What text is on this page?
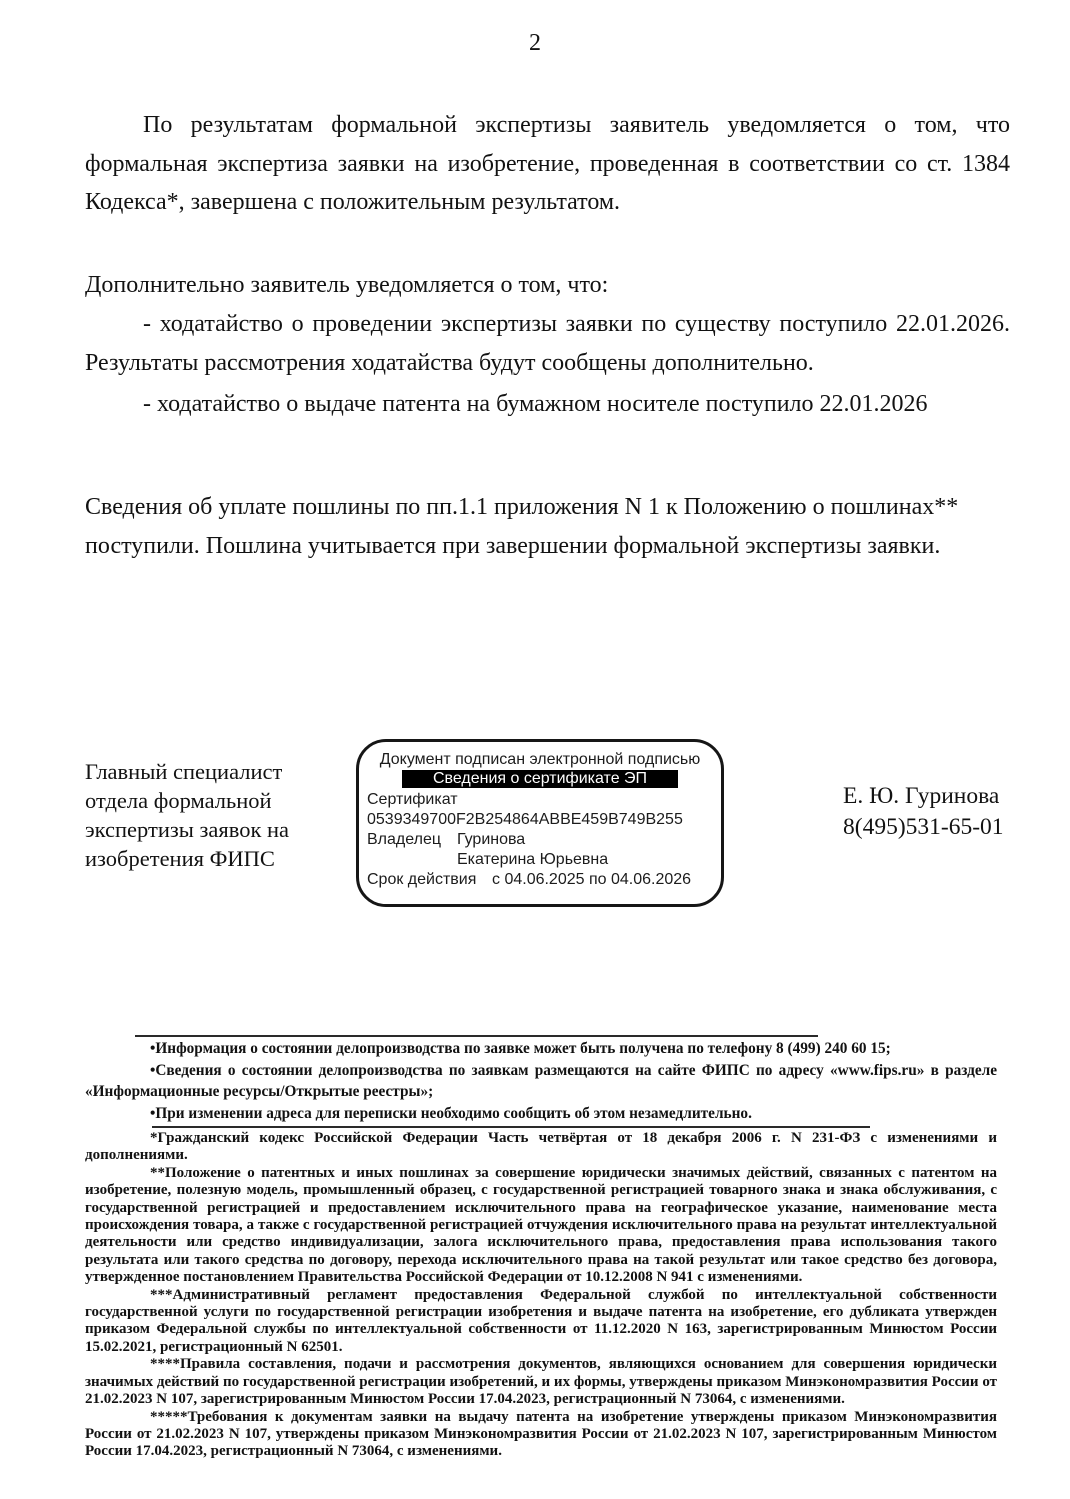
2

По результатам формальной экспертизы заявитель уведомляется о том, что формальная экспертиза заявки на изобретение, проведенная в соответствии со ст. 1384 Кодекса*, завершена с положительным результатом.

Дополнительно заявитель уведомляется о том, что:

- ходатайство о проведении экспертизы заявки по существу поступило 22.01.2026. Результаты рассмотрения ходатайства будут сообщены дополнительно.

- ходатайство о выдаче патента на бумажном носителе поступило 22.01.2026

Сведения об уплате пошлины по пп.1.1 приложения N 1 к Положению о пошлинах**
поступили. Пошлина учитывается при завершении формальной экспертизы заявки.

Главный специалист
отдела формальной
экспертизы заявок на
изобретения ФИПС
Документ подписан электронной подписью
Сведения о сертификате ЭП
Сертификат
0539349700F2B254864ABBE459B749B255
Владелец Гуринова
Екатерина Юрьевна
Срок действия с 04.06.2025 по 04.06.2026
Е. Ю. Гуринова
8(495)531-65-01

•Информация о состоянии делопроизводства по заявке может быть получена по телефону 8 (499) 240 60 15;

•Сведения о состоянии делопроизводства по заявкам размещаются на сайте ФИПС по адресу «www.fips.ru» в разделе «Информационные ресурсы/Открытые реестры»;

•При изменении адреса для переписки необходимо сообщить об этом незамедлительно.

*Гражданский кодекс Российской Федерации Часть четвёртая от 18 декабря 2006 г. N 231-ФЗ с изменениями и дополнениями.

**Положение о патентных и иных пошлинах за совершение юридически значимых действий, связанных с патентом на изобретение, полезную модель, промышленный образец, с государственной регистрацией товарного знака и знака обслуживания, с государственной регистрацией и предоставлением исключительного права на географическое указание, наименование места происхождения товара, а также с государственной регистрацией отчуждения исключительного права на результат интеллектуальной деятельности или средство индивидуализации, залога исключительного права, предоставления права использования такого результата или такого средства по договору, перехода исключительного права на такой результат или такое средство без договора, утвержденное постановлением Правительства Российской Федерации от 10.12.2008 N 941 с изменениями.

***Административный регламент предоставления Федеральной службой по интеллектуальной собственности государственной услуги по государственной регистрации изобретения и выдаче патента на изобретение, его дубликата утвержден приказом Федеральной службы по интеллектуальной собственности от 11.12.2020 N 163, зарегистрированным Минюстом России 15.02.2021, регистрационный N 62501.

****Правила составления, подачи и рассмотрения документов, являющихся основанием для совершения юридически значимых действий по государственной регистрации изобретений, и их формы, утверждены приказом Минэкономразвития России от 21.02.2023 N 107, зарегистрированным Минюстом России 17.04.2023, регистрационный N 73064, с изменениями.

*****Требования к документам заявки на выдачу патента на изобретение утверждены приказом Минэкономразвития России от 21.02.2023 N 107, утверждены приказом Минэкономразвития России от 21.02.2023 N 107, зарегистрированным Минюстом России 17.04.2023, регистрационный N 73064, с изменениями.
